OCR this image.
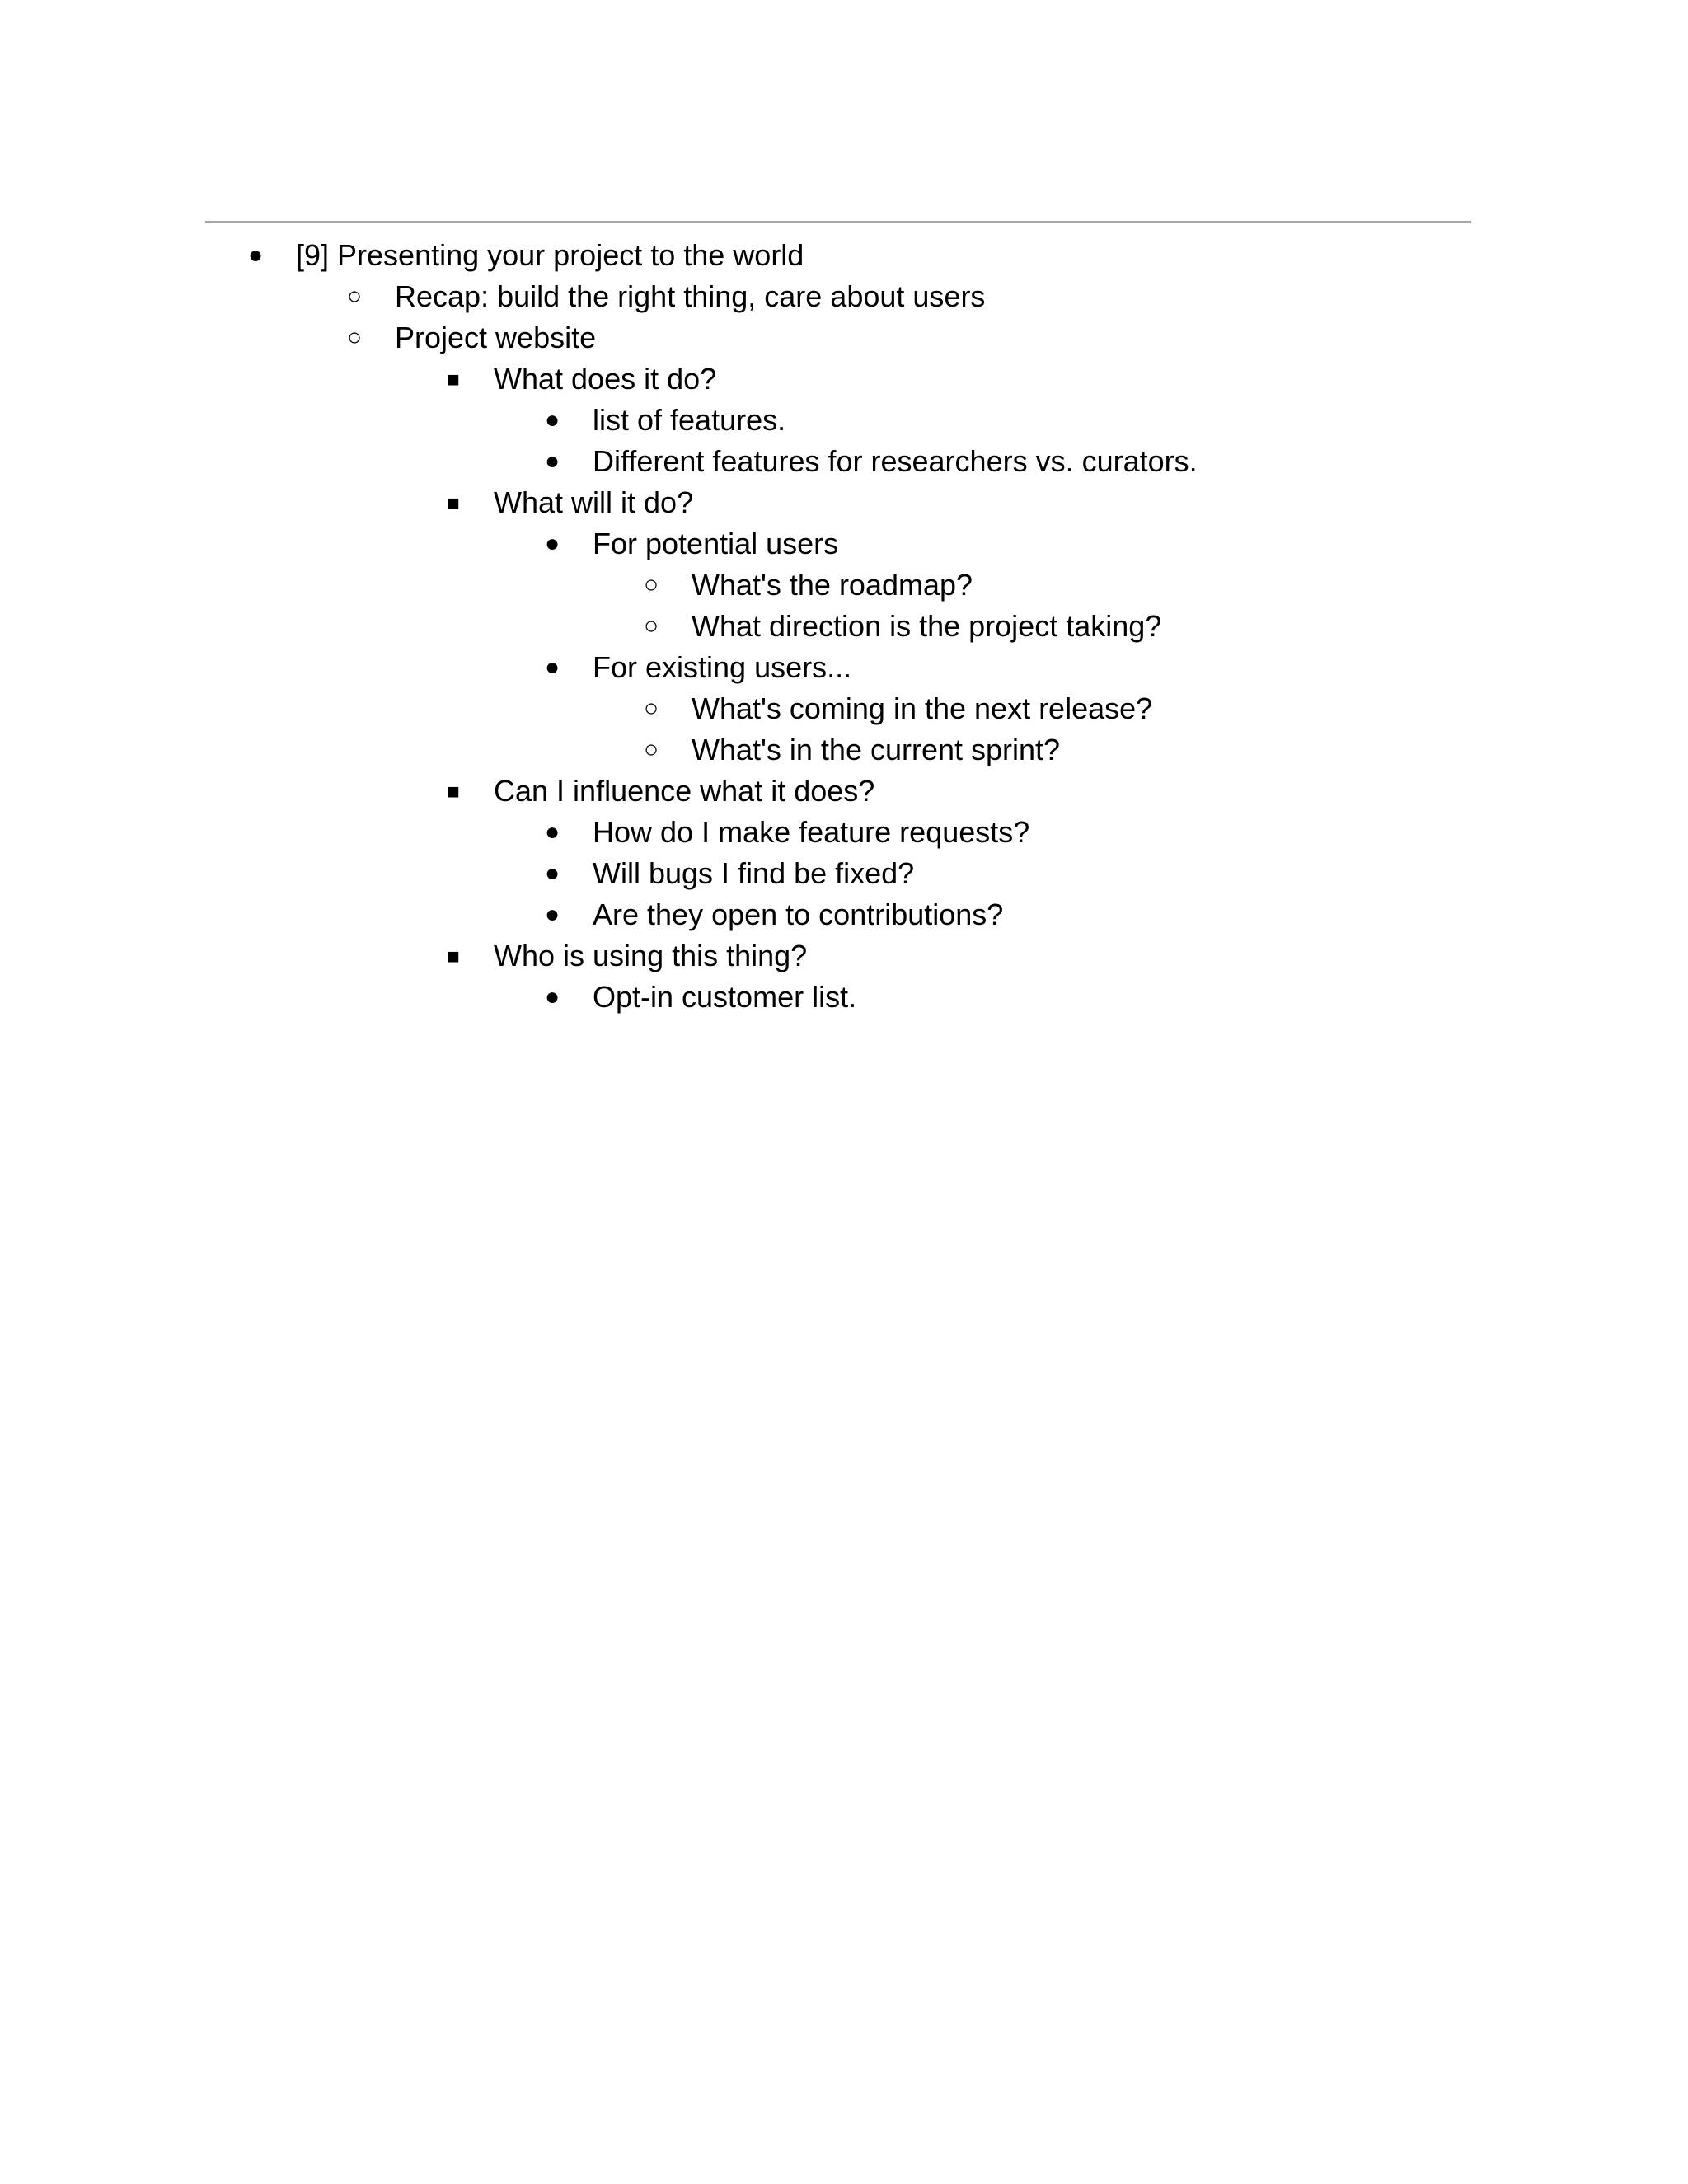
●	[9] Presenting your project to the world
○	Recap: build the right thing, care about users
○	Project website
■	What does it do?
●	list of features.
●	Different features for researchers vs. curators.
■	What will it do?
●	For potential users
○	What's the roadmap?
○	What direction is the project taking?
●	For existing users...
○	What's coming in the next release?
○	What's in the current sprint?
■	Can I influence what it does?
●	How do I make feature requests?
●	Will bugs I find be fixed?
●	Are they open to contributions?
■	Who is using this thing?
●	Opt-in customer list.
